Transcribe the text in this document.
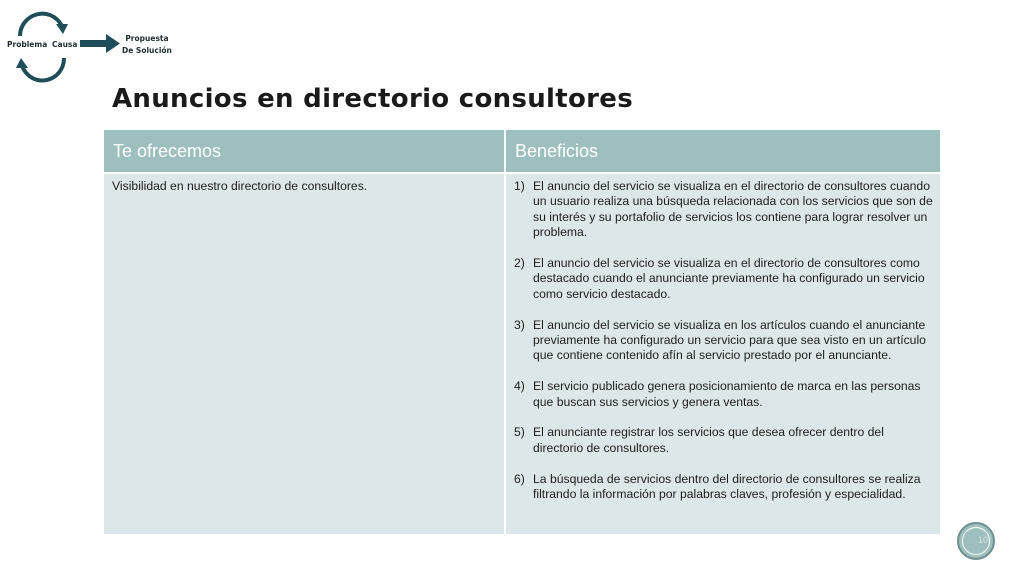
Problema Causa
Propuesta
De Solución
Anuncios en directorio consultores
Te ofrecemos	Beneficios
Visibilidad en nuestro directorio de consultores.	1) El anuncio del servicio se visualiza en el directorio de consultores cuando un usuario realiza una búsqueda relacionada con los servicios que son de su interés y su portafolio de servicios los contiene para lograr resolver un problema.
2) El anuncio del servicio se visualiza en el directorio de consultores como destacado cuando el anunciante previamente ha configurado un servicio como servicio destacado.
3) El anuncio del servicio se visualiza en los artículos cuando el anunciante previamente ha configurado un servicio para que sea visto en un artículo que contiene contenido afín al servicio prestado por el anunciante.
4) El servicio publicado genera posicionamiento de marca en las personas que buscan sus servicios y genera ventas.
5) El anunciante registrar los servicios que desea ofrecer dentro del directorio de consultores.
6) La búsqueda de servicios dentro del directorio de consultores se realiza filtrando la información por palabras claves, profesión y especialidad.
10
